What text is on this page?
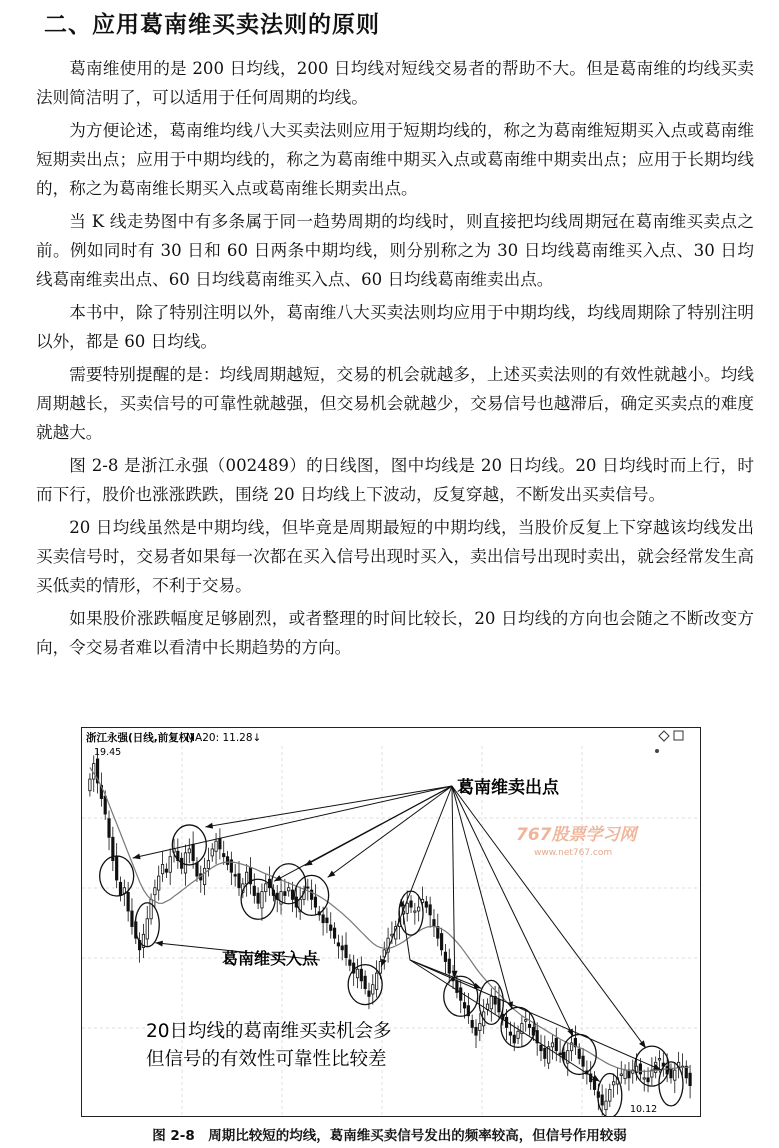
二、应用葛南维买卖法则的原则

葛南维使用的是 200 日均线，200 日均线对短线交易者的帮助不大。但是葛南维的均线买卖法则简洁明了，可以适用于任何周期的均线。

为方便论述，葛南维均线八大买卖法则应用于短期均线的，称之为葛南维短期买入点或葛南维短期卖出点；应用于中期均线的，称之为葛南维中期买入点或葛南维中期卖出点；应用于长期均线的，称之为葛南维长期买入点或葛南维长期卖出点。

当 K 线走势图中有多条属于同一趋势周期的均线时，则直接把均线周期冠在葛南维买卖点之前。例如同时有 30 日和 60 日两条中期均线，则分别称之为 30 日均线葛南维买入点、30 日均线葛南维卖出点、60 日均线葛南维买入点、60 日均线葛南维卖出点。

本书中，除了特别注明以外，葛南维八大买卖法则均应用于中期均线，均线周期除了特别注明以外，都是 60 日均线。

需要特别提醒的是：均线周期越短，交易的机会就越多，上述买卖法则的有效性就越小。均线周期越长，买卖信号的可靠性就越强，但交易机会就越少，交易信号也越滞后，确定买卖点的难度就越大。

图 2-8 是浙江永强（002489）的日线图，图中均线是 20 日均线。20 日均线时而上行，时而下行，股价也涨涨跌跌，围绕 20 日均线上下波动，反复穿越，不断发出买卖信号。

20 日均线虽然是中期均线，但毕竟是周期最短的中期均线，当股价反复上下穿越该均线发出买卖信号时，交易者如果每一次都在买入信号出现时买入，卖出信号出现时卖出，就会经常发生高买低卖的情形，不利于交易。

如果股价涨跌幅度足够剧烈，或者整理的时间比较长，20 日均线的方向也会随之不断改变方向，令交易者难以看清中长期趋势的方向。

浙江永强(日线,前复权)
MA20: 11.28↓
19.45
10.12
767股票学习网
www.net767.com
葛南维卖出点
葛南维买入点
20日均线的葛南维买卖机会多
但信号的有效性可靠性比较差
图 2-8　周期比较短的均线，葛南维买卖信号发出的频率较高，但信号作用较弱
